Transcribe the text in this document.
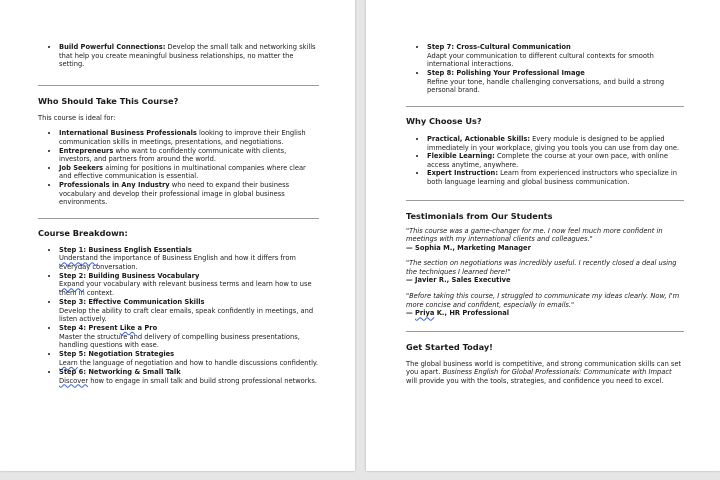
• Build Powerful Connections: Develop the small talk and networking skills that help you create meaningful business relationships, no matter the setting.
Who Should Take This Course?

This course is ideal for:

• International Business Professionals looking to improve their English communication skills in meetings, presentations, and negotiations.
• Entrepreneurs who want to confidently communicate with clients, investors, and partners from around the world.
• Job Seekers aiming for positions in multinational companies where clear and effective communication is essential.
• Professionals in Any Industry who need to expand their business vocabulary and develop their professional image in global business environments.
Course Breakdown:
• Step 1: Business English Essentials
Understand the importance of Business English and how it differs from everyday conversation.
• Step 2: Building Business Vocabulary
Expand your vocabulary with relevant business terms and learn how to use them in context.
• Step 3: Effective Communication Skills
Develop the ability to craft clear emails, speak confidently in meetings, and listen actively.
• Step 4: Present Like a Pro
Master the structure and delivery of compelling business presentations, handling questions with ease.
• Step 5: Negotiation Strategies
Learn the language of negotiation and how to handle discussions confidently.
• Step 6: Networking & Small Talk
Discover how to engage in small talk and build strong professional networks.
• Step 7: Cross-Cultural Communication
Adapt your communication to different cultural contexts for smooth international interactions.
• Step 8: Polishing Your Professional Image
Refine your tone, handle challenging conversations, and build a strong personal brand.
Why Choose Us?
• Practical, Actionable Skills: Every module is designed to be applied immediately in your workplace, giving you tools you can use from day one.
• Flexible Learning: Complete the course at your own pace, with online access anytime, anywhere.
• Expert Instruction: Learn from experienced instructors who specialize in both language learning and global business communication.
Testimonials from Our Students

"This course was a game-changer for me. I now feel much more confident in meetings with my international clients and colleagues."

— Sophia M., Marketing Manager

"The section on negotiations was incredibly useful. I recently closed a deal using the techniques I learned here!"

— Javier R., Sales Executive

"Before taking this course, I struggled to communicate my ideas clearly. Now, I'm more concise and confident, especially in emails."

— Priya K., HR Professional

Get Started Today!

The global business world is competitive, and strong communication skills can set you apart. Business English for Global Professionals: Communicate with Impact will provide you with the tools, strategies, and confidence you need to excel.
